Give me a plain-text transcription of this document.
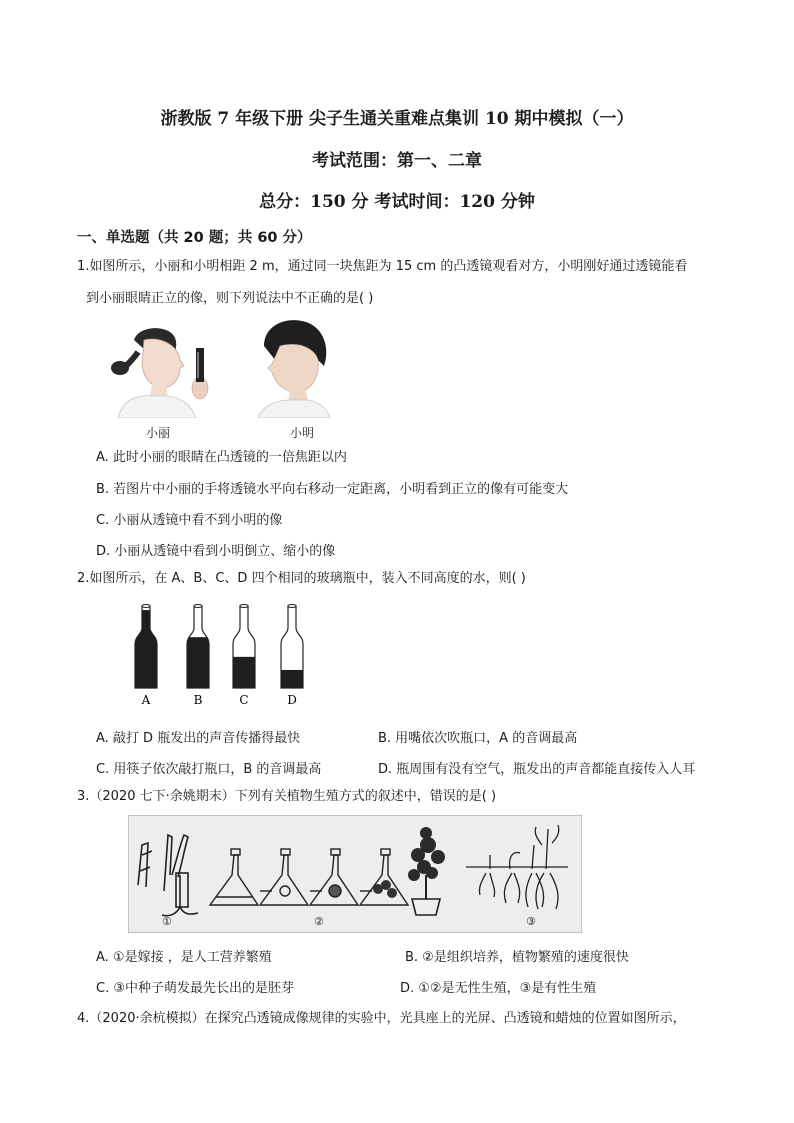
浙教版 7 年级下册 尖子生通关重难点集训 10 期中模拟（一）
考试范围：第一、二章
总分：150 分 考试时间：120 分钟
一、单选题（共 20 题；共 60 分）
1.如图所示，小丽和小明相距 2 m，通过同一块焦距为 15 cm 的凸透镜观看对方，小明刚好通过透镜能看
到小丽眼睛正立的像，则下列说法中不正确的是( )
小丽	小明
A. 此时小丽的眼睛在凸透镜的一倍焦距以内
B. 若图片中小丽的手将透镜水平向右移动一定距离，小明看到正立的像有可能变大
C. 小丽从透镜中看不到小明的像
D. 小丽从透镜中看到小明倒立、缩小的像
2.如图所示，在 A、B、C、D 四个相同的玻璃瓶中，装入不同高度的水，则( )
A	B	C	D
A. 敲打 D 瓶发出的声音传播得最快	B. 用嘴依次吹瓶口，A 的音调最高
C. 用筷子依次敲打瓶口，B 的音调最高	D. 瓶周围有没有空气，瓶发出的声音都能直接传入人耳
3.（2020 七下·余姚期末）下列有关植物生殖方式的叙述中，错误的是( )
①	②	③
A. ①是嫁接 ，是人工营养繁殖	B. ②是组织培养，植物繁殖的速度很快
C. ③中种子萌发最先长出的是胚芽	D. ①②是无性生殖，③是有性生殖
4.（2020·余杭模拟）在探究凸透镜成像规律的实验中，光具座上的光屏、凸透镜和蜡烛的位置如图所示，
